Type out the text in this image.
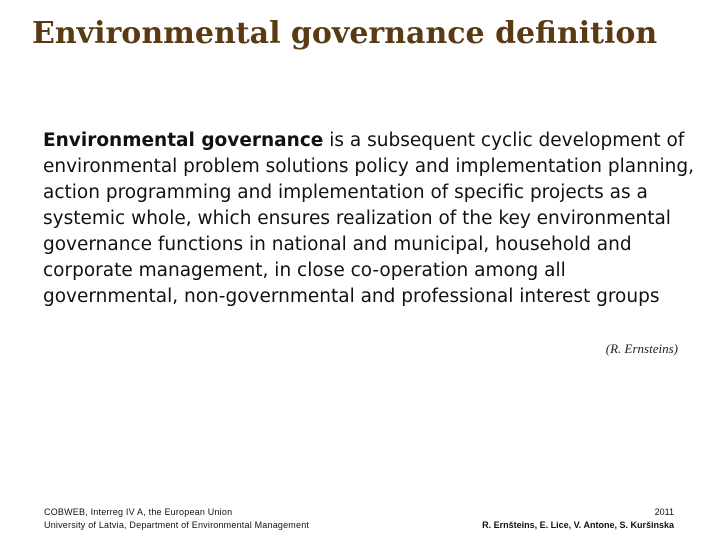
Environmental governance definition

Environmental governance is a subsequent cyclic development of environmental problem solutions policy and implementation planning, action programming and implementation of specific projects as a systemic whole, which ensures realization of the key environmental governance functions in national and municipal, household and corporate management, in close co-operation among all governmental, non-governmental and professional interest groups

(R. Ernsteins)

COBWEB, Interreg IV A, the European Union
University of Latvia, Department of Environmental Management
2011
R. Ernšteins, E. Lice, V. Antone, S. Kuršinska
